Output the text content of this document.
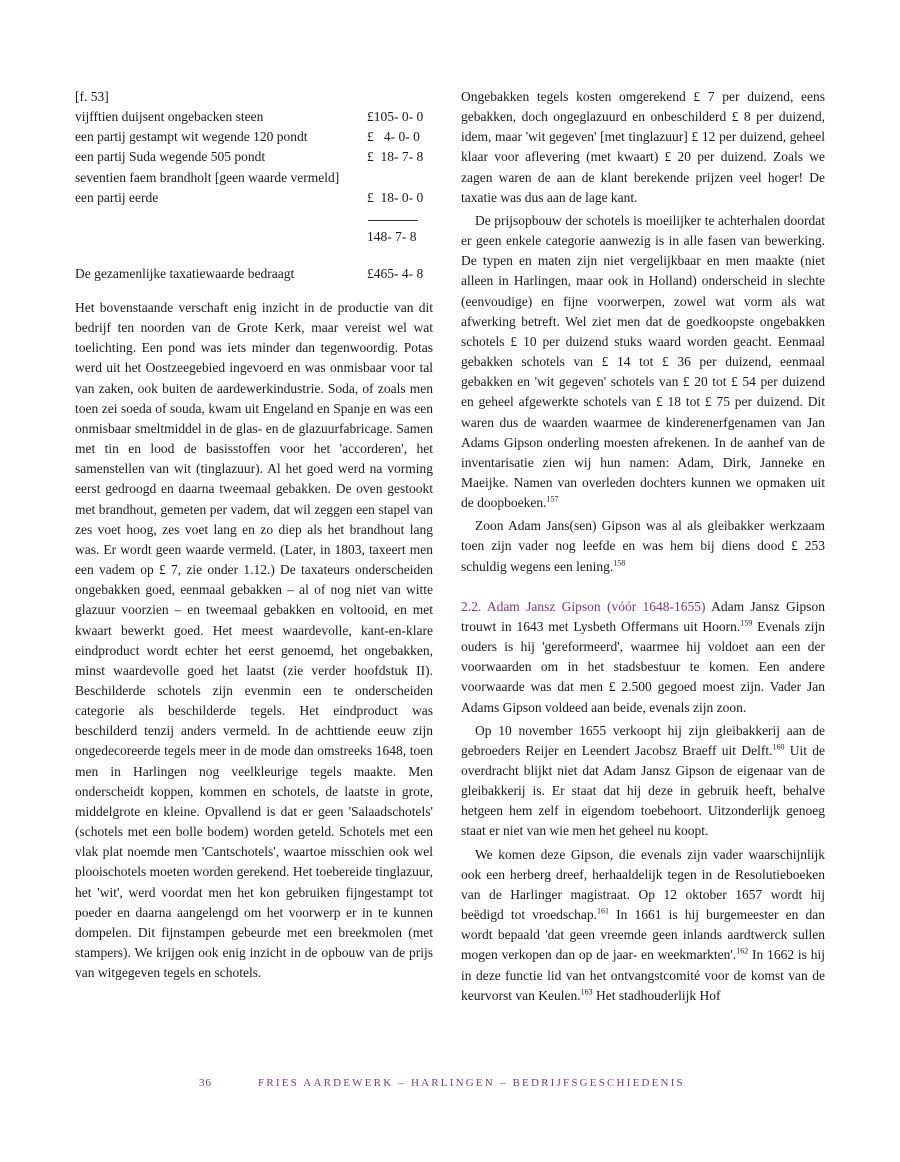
[f. 53]

vijfftien duijsent ongebacken steen	£105- 0- 0
een partij gestampt wit wegende 120 pondt	£   4- 0- 0
een partij Suda wegende 505 pondt	£  18- 7- 8
seventien faem brandholt [geen waarde vermeld]
een partij eerde	£  18- 0- 0
148- 7- 8
De gezamenlijke taxatiewaarde bedraagt	£465- 4- 8

Het bovenstaande verschaft enig inzicht in de productie van dit bedrijf ten noorden van de Grote Kerk, maar vereist wel wat toelichting. Een pond was iets minder dan tegenwoordig. Potas werd uit het Oostzeegebied ingevoerd en was onmisbaar voor tal van zaken, ook buiten de aardewerkindustrie. Soda, of zoals men toen zei soeda of souda, kwam uit Engeland en Spanje en was een onmisbaar smeltmiddel in de glas- en de glazuurfabricage. Samen met tin en lood de basisstoffen voor het 'accorderen', het samenstellen van wit (tinglazuur). Al het goed werd na vorming eerst gedroogd en daarna tweemaal gebakken. De oven gestookt met brandhout, gemeten per vadem, dat wil zeggen een stapel van zes voet hoog, zes voet lang en zo diep als het brandhout lang was. Er wordt geen waarde vermeld. (Later, in 1803, taxeert men een vadem op £ 7, zie onder 1.12.) De taxateurs onderscheiden ongebakken goed, eenmaal gebakken – al of nog niet van witte glazuur voorzien – en tweemaal gebakken en voltooid, en met kwaart bewerkt goed. Het meest waardevolle, kant-en-klare eindproduct wordt echter het eerst genoemd, het ongebakken, minst waardevolle goed het laatst (zie verder hoofdstuk II). Beschilderde schotels zijn evenmin een te onderscheiden categorie als beschilderde tegels. Het eindproduct was beschilderd tenzij anders vermeld. In de achttiende eeuw zijn ongedecoreerde tegels meer in de mode dan omstreeks 1648, toen men in Harlingen nog veelkleurige tegels maakte. Men onderscheidt koppen, kommen en schotels, de laatste in grote, middelgrote en kleine. Opvallend is dat er geen 'Salaadschotels' (schotels met een bolle bodem) worden geteld. Schotels met een vlak plat noemde men 'Cantschotels', waartoe misschien ook wel plooischotels moeten worden gerekend. Het toebereide tinglazuur, het 'wit', werd voordat men het kon gebruiken fijngestampt tot poeder en daarna aangelengd om het voorwerp er in te kunnen dompelen. Dit fijnstampen gebeurde met een breekmolen (met stampers). We krijgen ook enig inzicht in de opbouw van de prijs van witgegeven tegels en schotels.

Ongebakken tegels kosten omgerekend £ 7 per duizend, eens gebakken, doch ongeglazuurd en onbeschilderd £ 8 per duizend, idem, maar 'wit gegeven' [met tinglazuur] £ 12 per duizend, geheel klaar voor aflevering (met kwaart) £ 20 per duizend. Zoals we zagen waren de aan de klant berekende prijzen veel hoger! De taxatie was dus aan de lage kant.

De prijsopbouw der schotels is moeilijker te achterhalen doordat er geen enkele categorie aanwezig is in alle fasen van bewerking. De typen en maten zijn niet vergelijkbaar en men maakte (niet alleen in Harlingen, maar ook in Holland) onderscheid in slechte (eenvoudige) en fijne voorwerpen, zowel wat vorm als wat afwerking betreft. Wel ziet men dat de goedkoopste ongebakken schotels £ 10 per duizend stuks waard worden geacht. Eenmaal gebakken schotels van £ 14 tot £ 36 per duizend, eenmaal gebakken en 'wit gegeven' schotels van £ 20 tot £ 54 per duizend en geheel afgewerkte schotels van £ 18 tot £ 75 per duizend. Dit waren dus de waarden waarmee de kinderenerfgenamen van Jan Adams Gipson onderling moesten afrekenen. In de aanhef van de inventarisatie zien wij hun namen: Adam, Dirk, Janneke en Maeijke. Namen van overleden dochters kunnen we opmaken uit de doopboeken.$^{157}$

Zoon Adam Jans(sen) Gipson was al als gleibakker werkzaam toen zijn vader nog leefde en was hem bij diens dood £ 253 schuldig wegens een lening.$^{158}$

2.2. Adam Jansz Gipson (vóór 1648-1655) Adam Jansz Gipson trouwt in 1643 met Lysbeth Offermans uit Hoorn.$^{159}$ Evenals zijn ouders is hij 'gereformeerd', waarmee hij voldoet aan een der voorwaarden om in het stadsbestuur te komen. Een andere voorwaarde was dat men £ 2.500 gegoed moest zijn. Vader Jan Adams Gipson voldeed aan beide, evenals zijn zoon.

Op 10 november 1655 verkoopt hij zijn gleibakkerij aan de gebroeders Reijer en Leendert Jacobsz Braeff uit Delft.$^{160}$ Uit de overdracht blijkt niet dat Adam Jansz Gipson de eigenaar van de gleibakkerij is. Er staat dat hij deze in gebruik heeft, behalve hetgeen hem zelf in eigendom toebehoort. Uitzonderlijk genoeg staat er niet van wie men het geheel nu koopt.

We komen deze Gipson, die evenals zijn vader waarschijnlijk ook een herberg dreef, herhaaldelijk tegen in de Resolutieboeken van de Harlinger magistraat. Op 12 oktober 1657 wordt hij beëdigd tot vroedschap.$^{161}$ In 1661 is hij burgemeester en dan wordt bepaald 'dat geen vreemde geen inlands aardtwerck sullen mogen verkopen dan op de jaar- en weekmarkten'.$^{162}$ In 1662 is hij in deze functie lid van het ontvangstcomité voor de komst van de keurvorst van Keulen.$^{163}$ Het stadhouderlijk Hof

36	FRIES AARDEWERK – HARLINGEN – BEDRIJFSGESCHIEDENIS
